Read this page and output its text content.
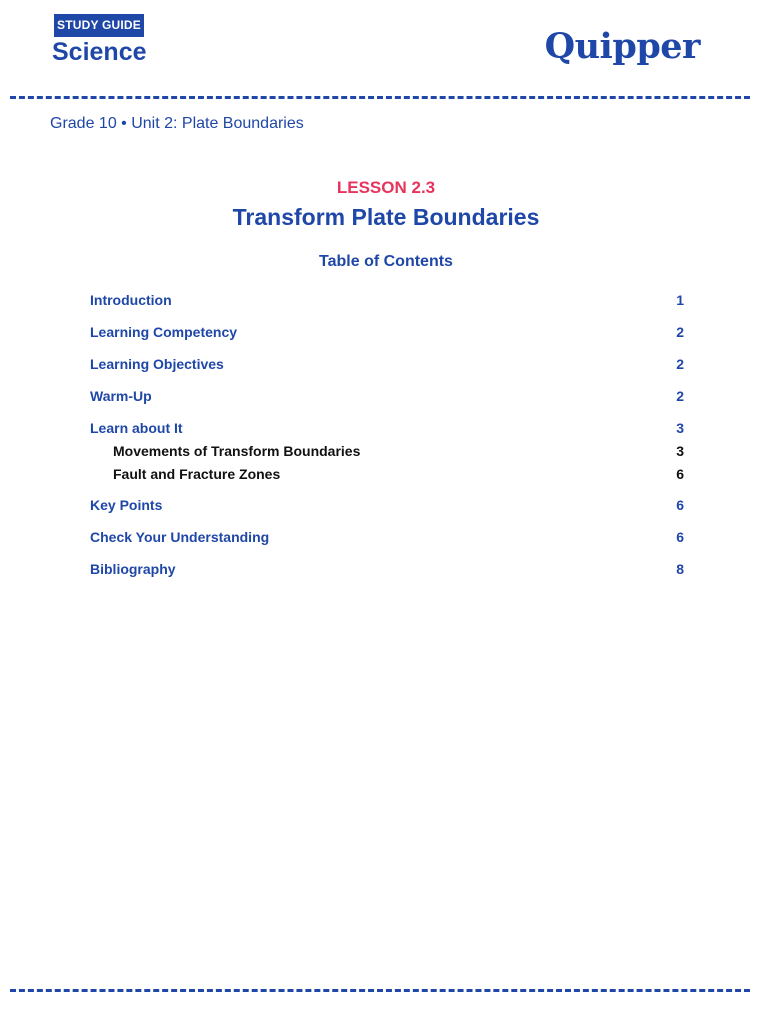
STUDY GUIDE
Science	Quipper
Grade 10 • Unit 2: Plate Boundaries
LESSON 2.3
Transform Plate Boundaries
Table of Contents
Introduction	1
Learning Competency	2
Learning Objectives	2
Warm-Up	2
Learn about It	3
Movements of Transform Boundaries	3
Fault and Fracture Zones	6
Key Points	6
Check Your Understanding	6
Bibliography	8
